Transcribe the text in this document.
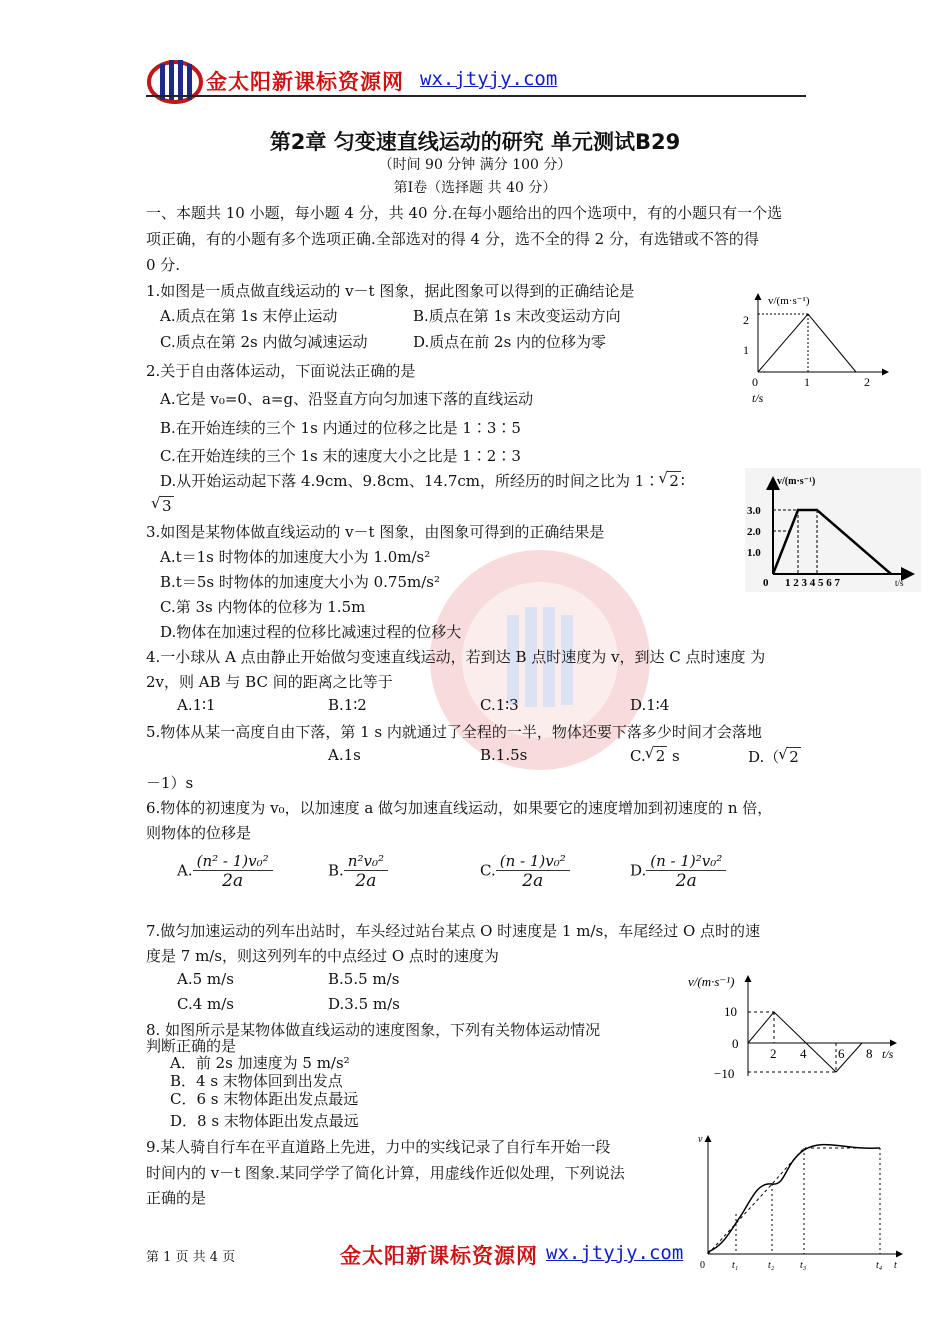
金太阳新课标资源网 wx.jtyjy.com
第2章 匀变速直线运动的研究 单元测试B29
（时间 90 分钟 满分 100 分）
第Ⅰ卷（选择题 共 40 分）
一、本题共 10 小题，每小题 4 分，共 40 分.在每小题给出的四个选项中，有的小题只有一个选
项正确，有的小题有多个选项正确.全部选对的得 4 分，选不全的得 2 分，有选错或不答的得
0 分.
1.如图是一质点做直线运动的 v－t 图象，据此图象可以得到的正确结论是
A.质点在第 1s 末停止运动	B.质点在第 1s 末改变运动方向
C.质点在第 2s 内做匀减速运动	D.质点在前 2s 内的位移为零
v/(m·s⁻¹)
2
1
0	1	2
t/s
2.关于自由落体运动，下面说法正确的是
A.它是 v₀=0、a=g、沿竖直方向匀加速下落的直线运动
B.在开始连续的三个 1s 内通过的位移之比是 1∶3∶5
C.在开始连续的三个 1s 末的速度大小之比是 1∶2∶3
D.从开始运动起下落 4.9cm、9.8cm、14.7cm，所经历的时间之比为 1∶ √ 2 ∶
√ 3
v/(m·s⁻¹)
3.0
2.0
1.0
0 1 2 3 4 5 6 7	t/s
3.如图是某物体做直线运动的 v－t 图象，由图象可得到的正确结果是
A.t＝1s 时物体的加速度大小为 1.0m/s²
B.t＝5s 时物体的加速度大小为 0.75m/s²
C.第 3s 内物体的位移为 1.5m
D.物体在加速过程的位移比减速过程的位移大
4.一小球从 A 点由静止开始做匀变速直线运动，若到达 B 点时速度为 v，到达 C 点时速度 为
2v，则 AB 与 BC 间的距离之比等于
A.1∶1	B.1∶2	C.1∶3	D.1∶4
5.物体从某一高度自由下落，第 1 s 内就通过了全程的一半，物体还要下落多少时间才会落地
A.1s	B.1.5s	C. √ 2 s	D.（ √ 2
－1）s
6.物体的初速度为 v₀，以加速度 a 做匀加速直线运动，如果要它的速度增加到初速度的 n 倍，
则物体的位移是
A. $\frac{\text{(n² - 1)v₀²}}{2a}$	B. $\frac{\text{n²v₀²}}{2a}$	C. $\frac{\text{(n - 1)v₀²}}{2a}$	D. $\frac{\text{(n - 1)²v₀²}}{2a}$
7.做匀加速运动的列车出站时，车头经过站台某点 O 时速度是 1 m/s，车尾经过 O 点时的速
度是 7 m/s，则这列列车的中点经过 O 点时的速度为
A.5 m/s	B.5.5 m/s
C.4 m/s	D.3.5 m/s
v/(m·s⁻¹)
10
0
−10
2 4 6 8 t/s
8. 如图所示是某物体做直线运动的速度图象，下列有关物体运动情况
判断正确的是
A．前 2s 加速度为 5 m/s²
B．4 s 末物体回到出发点
C．6 s 末物体距出发点最远
D．8 s 末物体距出发点最远
9.某人骑自行车在平直道路上先进，力中的实线记录了自行车开始一段
时间内的 v－t 图象.某同学学了简化计算，用虚线作近似处理，下列说法
正确的是
v
0	t₁	t₂	t₃	t₄ t
第 1 页 共 4 页	金太阳新课标资源网 wx.jtyjy.com
